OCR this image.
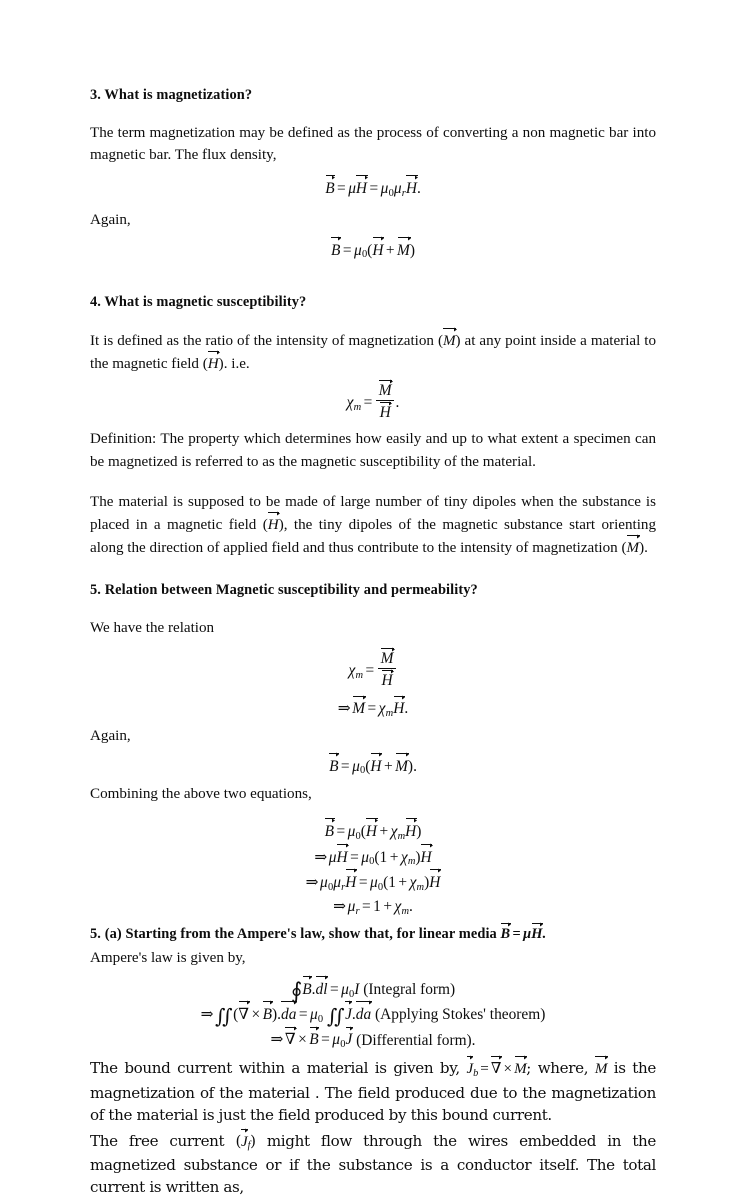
3. What is magnetization?

The term magnetization may be defined as the process of converting a non magnetic bar into magnetic bar. The flux density,

B = μH = μ0μrH.
Again,
B = μ0(H + M)
4. What is magnetic susceptibility?

It is defined as the ratio of the intensity of magnetization (M) at any point inside a material to the magnetic field (H). i.e.

$\chi m = \frac{M}{H}$ .

Definition: The property which determines how easily and up to what extent a specimen can be magnetized is referred to as the magnetic susceptibility of the material.

The material is supposed to be made of large number of tiny dipoles when the substance is placed in a magnetic field (H), the tiny dipoles of the magnetic substance start orienting along the direction of applied field and thus contribute to the intensity of magnetization (M).

5. Relation between Magnetic susceptibility and permeability?

We have the relation

$\chi m = \frac{M}{H}$
⇒M = χmH.
Again,
B = μ0(H + M).

Combining the above two equations,

B = μ0(H + χmH)
⇒μH = μ0(1 + χm)H
⇒μ0μrH = μ0(1 + χm)H
⇒μr = 1 + χm.
5. (a) Starting from the Ampere's law, show that, for linear media B = μH.

Ampere's law is given by,

∮B.dl = μ0I (Integral form)
⇒∫∫ (∇ × B).da = μ0 ∫∫ J.da (Applying Stokes' theorem)
⇒∇ × B = μ0J (Differential form).

The bound current within a material is given by, Jb = ∇ × M; where, M is the magnetization of the material . The field produced due to the magnetization of the material is just the field produced by this bound current.

The free current (Jf) might flow through the wires embedded in the magnetized substance or if the substance is a conductor itself. The total current is written as,
